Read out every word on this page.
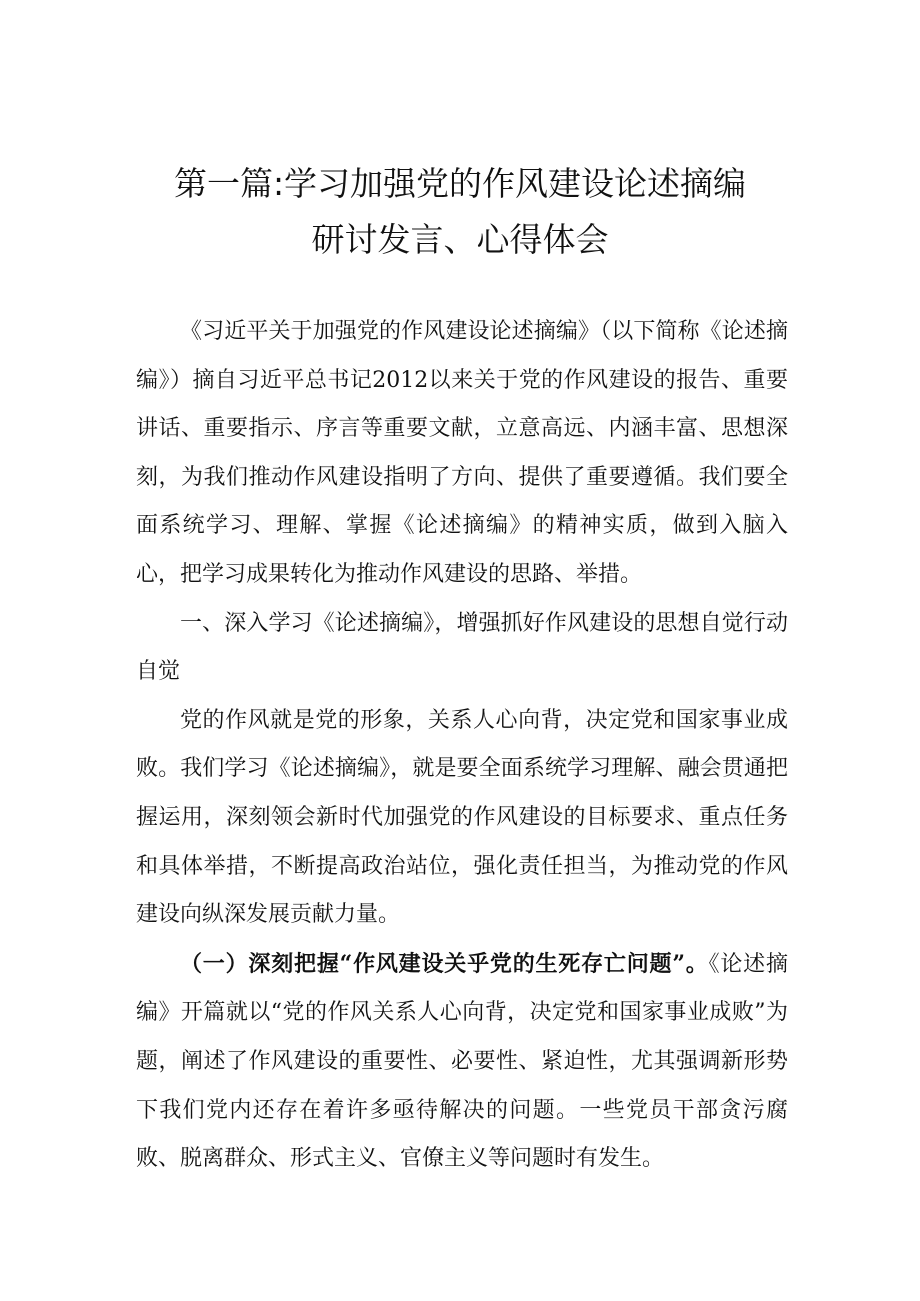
第一篇:学习加强党的作风建设论述摘编
研讨发言、心得体会

《习近平关于加强党的作风建设论述摘编》（以下简称《论述摘编》）摘自习近平总书记2012以来关于党的作风建设的报告、重要讲话、重要指示、序言等重要文献，立意高远、内涵丰富、思想深刻，为我们推动作风建设指明了方向、提供了重要遵循。我们要全面系统学习、理解、掌握《论述摘编》的精神实质，做到入脑入心，把学习成果转化为推动作风建设的思路、举措。

一、深入学习《论述摘编》，增强抓好作风建设的思想自觉行动自觉

党的作风就是党的形象，关系人心向背，决定党和国家事业成败。我们学习《论述摘编》，就是要全面系统学习理解、融会贯通把握运用，深刻领会新时代加强党的作风建设的目标要求、重点任务和具体举措，不断提高政治站位，强化责任担当，为推动党的作风建设向纵深发展贡献力量。

（一）深刻把握“作风建设关乎党的生死存亡问题”。《论述摘编》开篇就以“党的作风关系人心向背，决定党和国家事业成败”为题，阐述了作风建设的重要性、必要性、紧迫性，尤其强调新形势下我们党内还存在着许多亟待解决的问题。一些党员干部贪污腐败、脱离群众、形式主义、官僚主义等问题时有发生。
